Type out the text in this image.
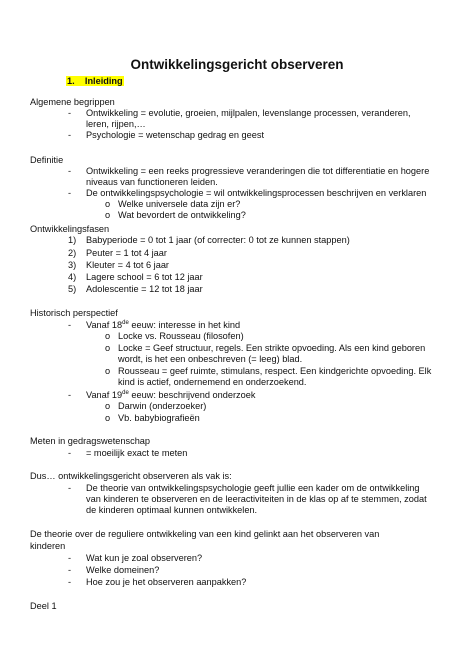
Ontwikkelingsgericht observeren
1. Inleiding
Algemene begrippen
- Ontwikkeling = evolutie, groeien, mijlpalen, levenslange processen, veranderen,
leren, rijpen,…
- Psychologie = wetenschap gedrag en geest
Definitie
- Ontwikkeling = een reeks progressieve veranderingen die tot differentiatie en hogere
niveaus van functioneren leiden.
- De ontwikkelingspsychologie = wil ontwikkelingsprocessen beschrijven en verklaren
o Welke universele data zijn er?
o Wat bevordert de ontwikkeling?
Ontwikkelingsfasen
1) Babyperiode = 0 tot 1 jaar (of correcter: 0 tot ze kunnen stappen)
2) Peuter = 1 tot 4 jaar
3) Kleuter = 4 tot 6 jaar
4) Lagere school = 6 tot 12 jaar
5) Adolescentie = 12 tot 18 jaar
Historisch perspectief
- Vanaf 18de eeuw: interesse in het kind
o Locke vs. Rousseau (filosofen)
o Locke = Geef structuur, regels. Een strikte opvoeding. Als een kind geboren
wordt, is het een onbeschreven (= leeg) blad.
o Rousseau = geef ruimte, stimulans, respect. Een kindgerichte opvoeding. Elk
kind is actief, ondernemend en onderzoekend.
- Vanaf 19de eeuw: beschrijvend onderzoek
o Darwin (onderzoeker)
o Vb. babybiografieën
Meten in gedragswetenschap
- = moeilijk exact te meten
Dus… ontwikkelingsgericht observeren als vak is:
- De theorie van ontwikkelingspsychologie geeft jullie een kader om de ontwikkeling
van kinderen te observeren en de leeractiviteiten in de klas op af te stemmen, zodat
de kinderen optimaal kunnen ontwikkelen.
De theorie over de reguliere ontwikkeling van een kind gelinkt aan het observeren van
kinderen
- Wat kun je zoal observeren?
- Welke domeinen?
- Hoe zou je het observeren aanpakken?
Deel 1
